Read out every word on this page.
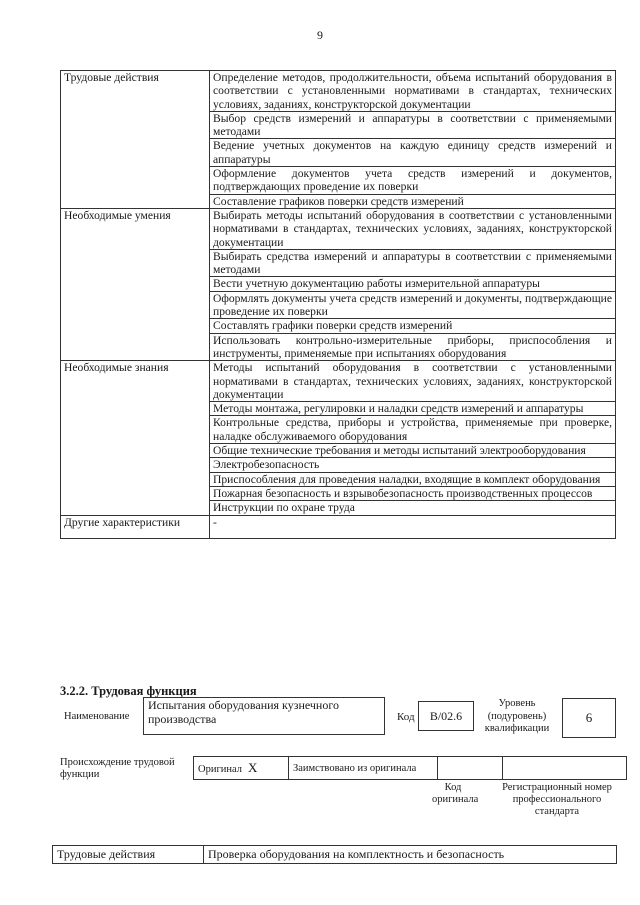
9
Трудовые действия	Определение методов, продолжительности, объема испытаний оборудования в соответствии с установленными нормативами в стандартах, технических условиях, заданиях, конструкторской документации
	Выбор средств измерений и аппаратуры в соответствии с применяемыми методами
	Ведение учетных документов на каждую единицу средств измерений и аппаратуры
	Оформление документов учета средств измерений и документов, подтверждающих проведение их поверки
	Составление графиков поверки средств измерений
Необходимые умения	Выбирать методы испытаний оборудования в соответствии с установленными нормативами в стандартах, технических условиях, заданиях, конструкторской документации
	Выбирать средства измерений и аппаратуры в соответствии с применяемыми методами
	Вести учетную документацию работы измерительной аппаратуры
	Оформлять документы учета средств измерений и документы, подтверждающие проведение их поверки
	Составлять графики поверки средств измерений
	Использовать контрольно-измерительные приборы, приспособления и инструменты, применяемые при испытаниях оборудования
Необходимые знания	Методы испытаний оборудования в соответствии с установленными нормативами в стандартах, технических условиях, заданиях, конструкторской документации
	Методы монтажа, регулировки и наладки средств измерений и аппаратуры
	Контрольные средства, приборы и устройства, применяемые при проверке, наладке обслуживаемого оборудования
	Общие технические требования и методы испытаний электрооборудования
	Электробезопасность
	Приспособления для проведения наладки, входящие в комплект оборудования
	Пожарная безопасность и взрывобезопасность производственных процессов
	Инструкции по охране труда
Другие характеристики	-
3.2.2. Трудовая функция
Наименование
Испытания оборудования кузнечного производства	Код	В/02.6
Уровень (подуровень) квалификации
6
Происхождение трудовой функции	Оригинал X	Заимствовано из оригинала		
Код оригинала
Регистрационный номер профессионального стандарта
Трудовые действия	Проверка оборудования на комплектность и безопасность
